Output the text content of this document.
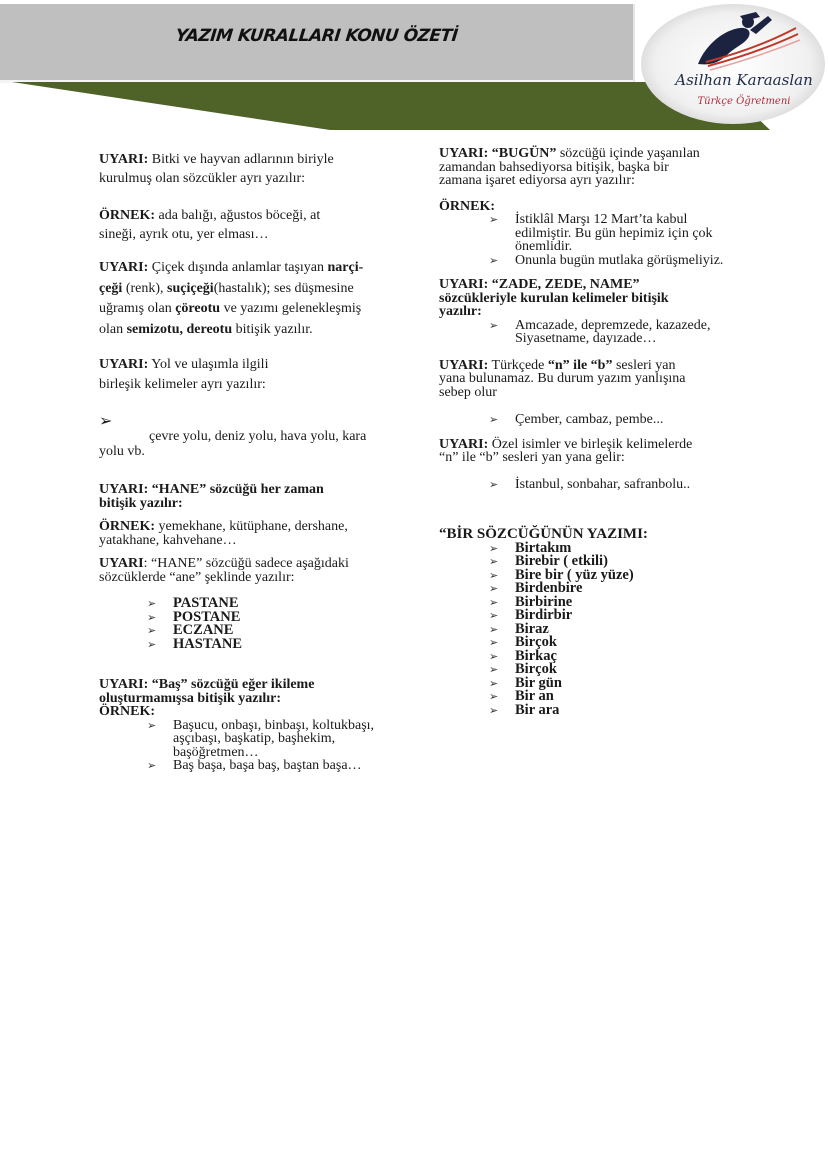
YAZIM KURALLARI KONU ÖZETİ
Asilhan Karaaslan
Türkçe Öğretmeni

UYARI: Bitki ve hayvan adlarının biriyle
kurulmuş olan sözcükler ayrı yazılır:

ÖRNEK: ada balığı, ağustos böceği, at
sineği, ayrık otu, yer elması…

UYARI: Çiçek dışında anlamlar taşıyan narçi-
çeği (renk), suçiçeği(hastalık); ses düşmesine
uğramış olan çöreotu ve yazımı gelenekleşmiş
olan semizotu, dereotu bitişik yazılır.

UYARI: Yol ve ulaşımla ilgili
birleşik kelimeler ayrı yazılır:

➢
çevre yolu, deniz yolu, hava yolu, kara
yolu vb.
UYARI: “HANE” sözcüğü her zaman
bitişik yazılır:
ÖRNEK: yemekhane, kütüphane, dershane,
yatakhane, kahvehane…
UYARI: “HANE” sözcüğü sadece aşağıdaki
sözcüklerde “ane” şeklinde yazılır:
➢ PASTANE
➢ POSTANE
➢ ECZANE
➢ HASTANE
UYARI: “Baş” sözcüğü eğer ikileme
oluşturmamışsa bitişik yazılır:
ÖRNEK:
➢ Başucu, onbaşı, binbaşı, koltukbaşı, aşçıbaşı, başkatip, başhekim, başöğretmen…
➢ Baş başa, başa baş, baştan başa…
UYARI: “BUGÜN” sözcüğü içinde yaşanılan
zamandan bahsediyorsa bitişik, başka bir
zamana işaret ediyorsa ayrı yazılır:
ÖRNEK:
➢ İstiklâl Marşı 12 Mart’ta kabul edilmiştir. Bu gün hepimiz için çok önemlidir.
➢ Onunla bugün mutlaka görüşmeliyiz.
UYARI: “ZADE, ZEDE, NAME”
sözcükleriyle kurulan kelimeler bitişik
yazılır:
➢ Amcazade, depremzede, kazazede, Siyasetname, dayızade…
UYARI: Türkçede “n” ile “b” sesleri yan
yana bulunamaz. Bu durum yazım yanlışına
sebep olur
➢ Çember, cambaz, pembe...
UYARI: Özel isimler ve birleşik kelimelerde
“n” ile “b” sesleri yan yana gelir:
➢ İstanbul, sonbahar, safranbolu..
“BİR SÖZCÜĞÜNÜN YAZIMI:
➢ Birtakım
➢ Birebir ( etkili)
➢ Bire bir ( yüz yüze)
➢ Birdenbire
➢ Birbirine
➢ Birdirbir
➢ Biraz
➢ Birçok
➢ Birkaç
➢ Birçok
➢ Bir gün
➢ Bir an
➢ Bir ara
